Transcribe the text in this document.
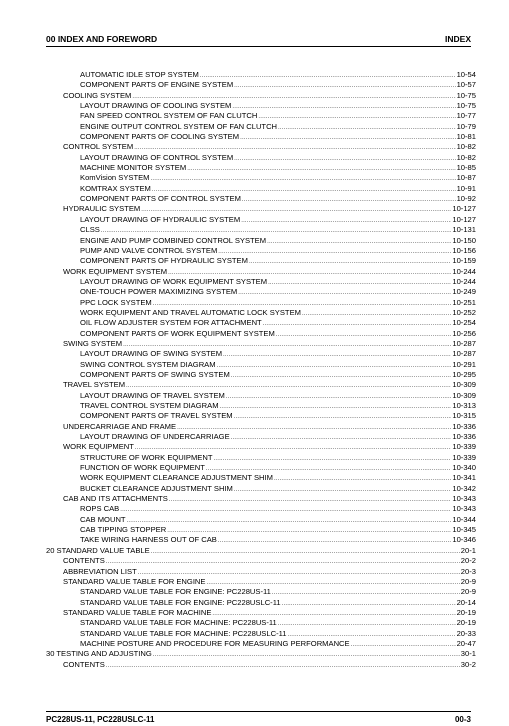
00 INDEX AND FOREWORD	INDEX
AUTOMATIC IDLE STOP SYSTEM .....	10-54
COMPONENT PARTS OF ENGINE SYSTEM .....	10-57
COOLING SYSTEM .....	10-75
LAYOUT DRAWING OF COOLING SYSTEM .....	10-75
FAN SPEED CONTROL SYSTEM OF FAN CLUTCH .....	10-77
ENGINE OUTPUT CONTROL SYSTEM OF FAN CLUTCH .....	10-79
COMPONENT PARTS OF COOLING SYSTEM .....	10-81
CONTROL SYSTEM .....	10-82
LAYOUT DRAWING OF CONTROL SYSTEM .....	10-82
MACHINE MONITOR SYSTEM .....	10-85
KomVision SYSTEM .....	10-87
KOMTRAX SYSTEM .....	10-91
COMPONENT PARTS OF CONTROL SYSTEM .....	10-92
HYDRAULIC SYSTEM .....	10-127
LAYOUT DRAWING OF HYDRAULIC SYSTEM .....	10-127
CLSS .....	10-131
ENGINE AND PUMP COMBINED CONTROL SYSTEM .....	10-150
PUMP AND VALVE CONTROL SYSTEM .....	10-156
COMPONENT PARTS OF HYDRAULIC SYSTEM .....	10-159
WORK EQUIPMENT SYSTEM .....	10-244
LAYOUT DRAWING OF WORK EQUIPMENT SYSTEM .....	10-244
ONE-TOUCH POWER MAXIMIZING SYSTEM .....	10-249
PPC LOCK SYSTEM .....	10-251
WORK EQUIPMENT AND TRAVEL AUTOMATIC LOCK SYSTEM .....	10-252
OIL FLOW ADJUSTER SYSTEM FOR ATTACHMENT .....	10-254
COMPONENT PARTS OF WORK EQUIPMENT SYSTEM .....	10-256
SWING SYSTEM .....	10-287
LAYOUT DRAWING OF SWING SYSTEM .....	10-287
SWING CONTROL SYSTEM DIAGRAM .....	10-291
COMPONENT PARTS OF SWING SYSTEM .....	10-295
TRAVEL SYSTEM .....	10-309
LAYOUT DRAWING OF TRAVEL SYSTEM .....	10-309
TRAVEL CONTROL SYSTEM DIAGRAM .....	10-313
COMPONENT PARTS OF TRAVEL SYSTEM .....	10-315
UNDERCARRIAGE AND FRAME .....	10-336
LAYOUT DRAWING OF UNDERCARRIAGE .....	10-336
WORK EQUIPMENT .....	10-339
STRUCTURE OF WORK EQUIPMENT .....	10-339
FUNCTION OF WORK EQUIPMENT .....	10-340
WORK EQUIPMENT CLEARANCE ADJUSTMENT SHIM .....	10-341
BUCKET CLEARANCE ADJUSTMENT SHIM .....	10-342
CAB AND ITS ATTACHMENTS .....	10-343
ROPS CAB .....	10-343
CAB MOUNT .....	10-344
CAB TIPPING STOPPER .....	10-345
TAKE WIRING HARNESS OUT OF CAB .....	10-346
20 STANDARD VALUE TABLE .....	20-1
CONTENTS .....	20-2
ABBREVIATION LIST .....	20-3
STANDARD VALUE TABLE FOR ENGINE .....	20-9
STANDARD VALUE TABLE FOR ENGINE: PC228US-11 .....	20-9
STANDARD VALUE TABLE FOR ENGINE: PC228USLC-11 .....	20-14
STANDARD VALUE TABLE FOR MACHINE .....	20-19
STANDARD VALUE TABLE FOR MACHINE: PC228US-11 .....	20-19
STANDARD VALUE TABLE FOR MACHINE: PC228USLC-11 .....	20-33
MACHINE POSTURE AND PROCEDURE FOR MEASURING PERFORMANCE .....	20-47
30 TESTING AND ADJUSTING .....	30-1
CONTENTS .....	30-2
PC228US-11, PC228USLC-11	00-3
